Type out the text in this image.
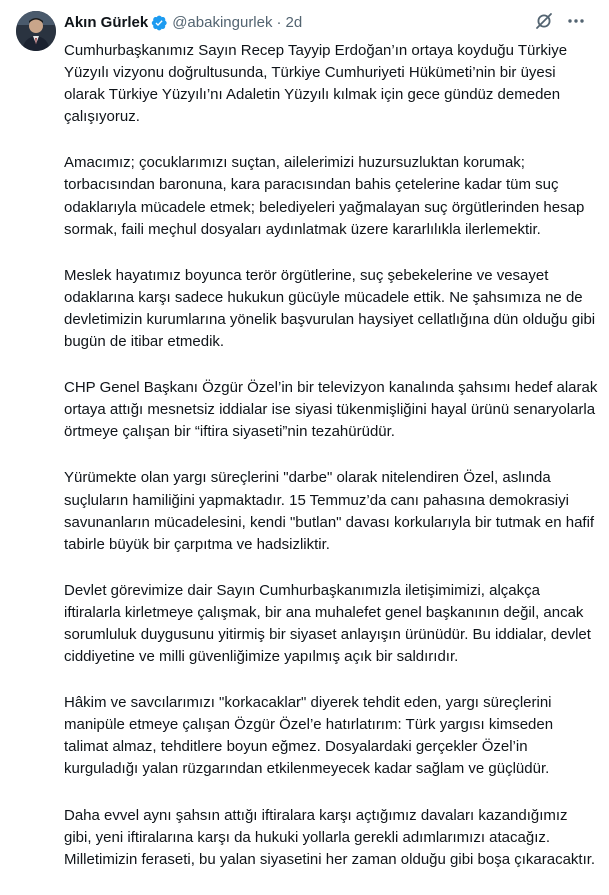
Akın Gürlek @abakingurlek · 2d

Cumhurbaşkanımız Sayın Recep Tayyip Erdoğan’ın ortaya koyduğu Türkiye Yüzyılı vizyonu doğrultusunda, Türkiye Cumhuriyeti Hükümeti’nin bir üyesi olarak Türkiye Yüzyılı’nı Adaletin Yüzyılı kılmak için gece gündüz demeden çalışıyoruz.

Amacımız; çocuklarımızı suçtan, ailelerimizi huzursuzluktan korumak; torbacısından baronuna, kara paracısından bahis çetelerine kadar tüm suç odaklarıyla mücadele etmek; belediyeleri yağmalayan suç örgütlerinden hesap sormak, faili meçhul dosyaları aydınlatmak üzere kararlılıkla ilerlemektir.

Meslek hayatımız boyunca terör örgütlerine, suç şebekelerine ve vesayet odaklarına karşı sadece hukukun gücüyle mücadele ettik. Ne şahsımıza ne de devletimizin kurumlarına yönelik başvurulan haysiyet cellatlığına dün olduğu gibi bugün de itibar etmedik.

CHP Genel Başkanı Özgür Özel’in bir televizyon kanalında şahsımı hedef alarak ortaya attığı mesnetsiz iddialar ise siyasi tükenmişliğini hayal ürünü senaryolarla örtmeye çalışan bir “iftira siyaseti”nin tezahürüdür.

Yürümekte olan yargı süreçlerini "darbe" olarak nitelendiren Özel, aslında suçluların hamiliğini yapmaktadır. 15 Temmuz’da canı pahasına demokrasiyi savunanların mücadelesini, kendi "butlan" davası korkularıyla bir tutmak en hafif tabirle büyük bir çarpıtma ve hadsizliktir.

Devlet görevimize dair Sayın Cumhurbaşkanımızla iletişimimizi, alçakça iftiralarla kirletmeye çalışmak, bir ana muhalefet genel başkanının değil, ancak sorumluluk duygusunu yitirmiş bir siyaset anlayışın ürünüdür. Bu iddialar, devlet ciddiyetine ve milli güvenliğimize yapılmış açık bir saldırıdır.

Hâkim ve savcılarımızı "korkacaklar" diyerek tehdit eden, yargı süreçlerini manipüle etmeye çalışan Özgür Özel’e hatırlatırım: Türk yargısı kimseden talimat almaz, tehditlere boyun eğmez. Dosyalardaki gerçekler Özel’in kurguladığı yalan rüzgarından etkilenmeyecek kadar sağlam ve güçlüdür.

Daha evvel aynı şahsın attığı iftiralara karşı açtığımız davaları kazandığımız gibi, yeni iftiralarına karşı da hukuki yollarla gerekli adımlarımızı atacağız. Milletimizin feraseti, bu yalan siyasetini her zaman olduğu gibi boşa çıkaracaktır.
